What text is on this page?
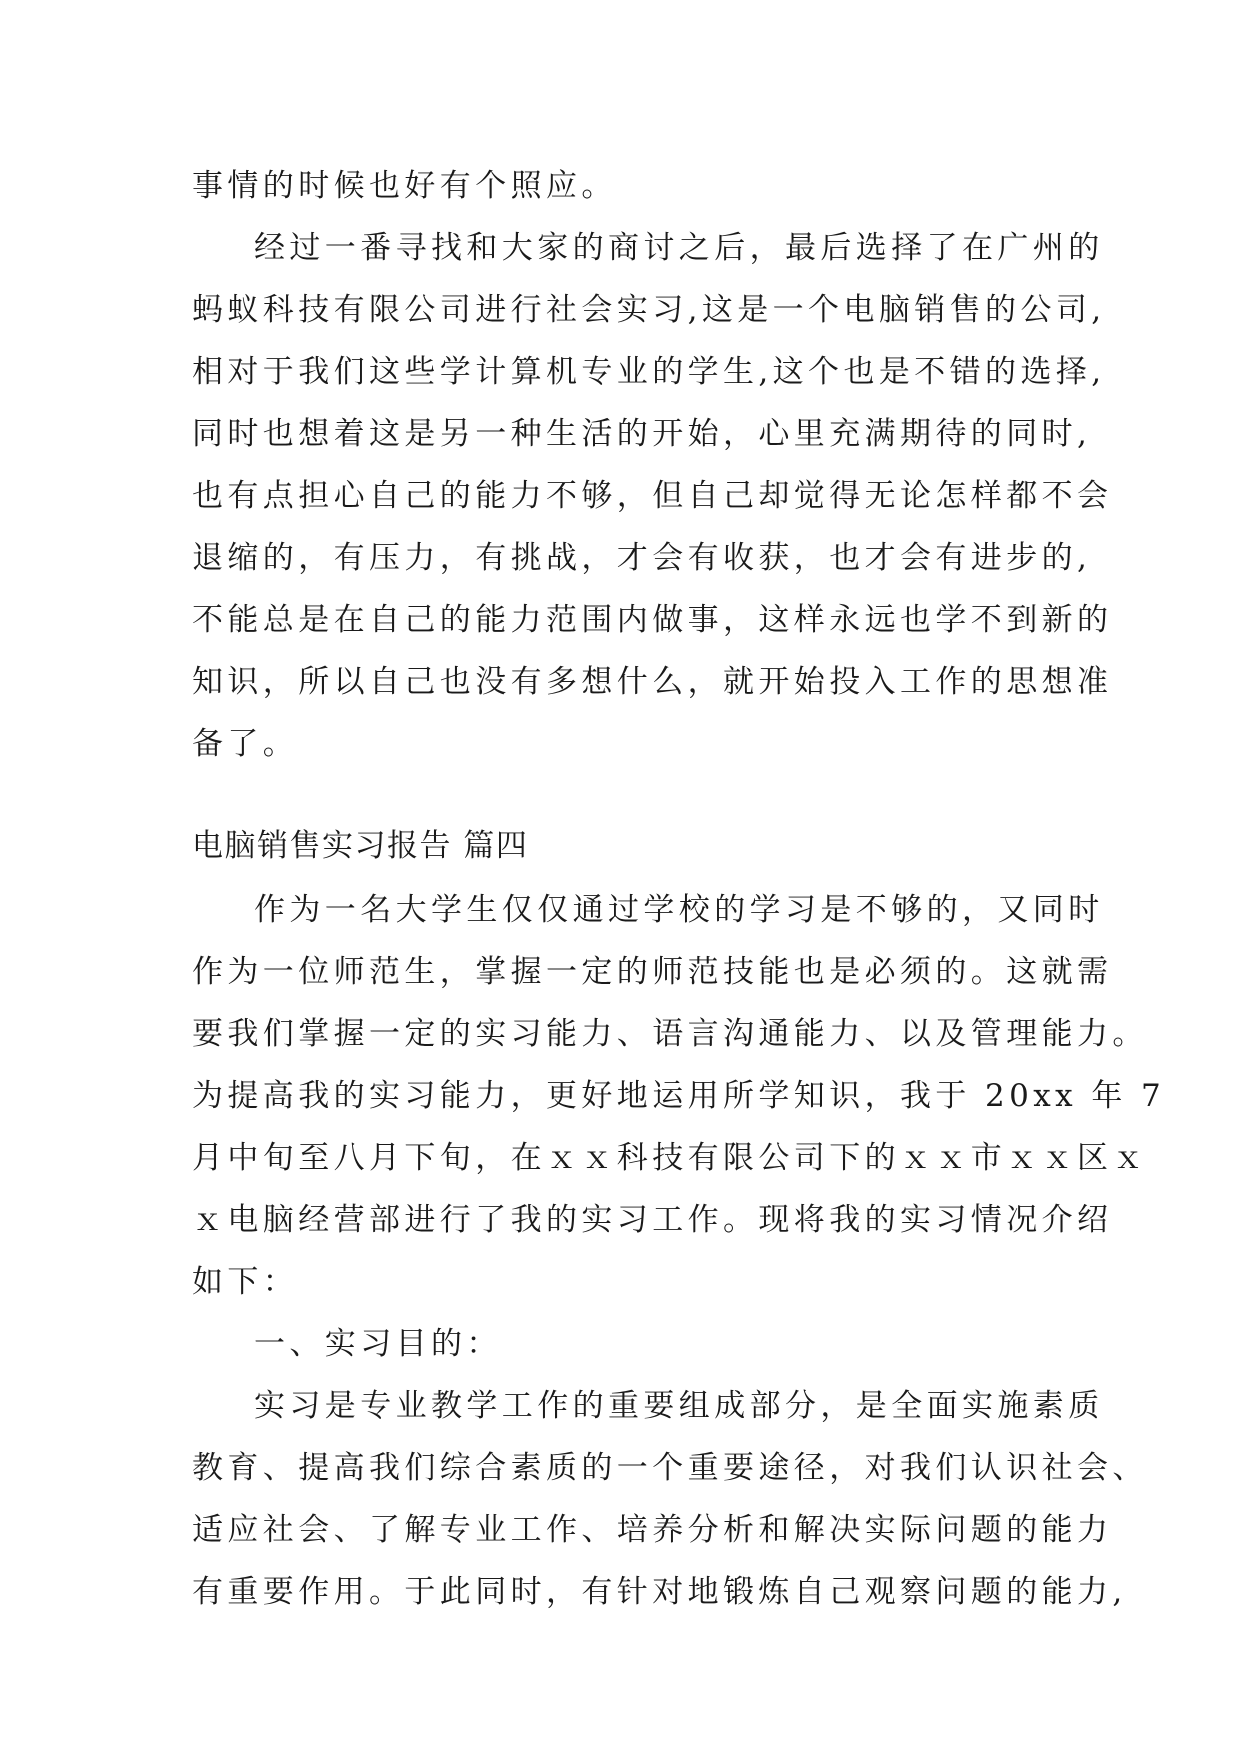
事情的时候也好有个照应。

经过一番寻找和大家的商讨之后，最后选择了在广州的

蚂蚁科技有限公司进行社会实习,这是一个电脑销售的公司,

相对于我们这些学计算机专业的学生,这个也是不错的选择,

同时也想着这是另一种生活的开始，心里充满期待的同时,

也有点担心自己的能力不够，但自己却觉得无论怎样都不会

退缩的，有压力，有挑战，才会有收获，也才会有进步的,

不能总是在自己的能力范围内做事，这样永远也学不到新的

知识，所以自己也没有多想什么，就开始投入工作的思想准

备了。

电脑销售实习报告 篇四

作为一名大学生仅仅通过学校的学习是不够的，又同时

作为一位师范生，掌握一定的师范技能也是必须的。这就需

要我们掌握一定的实习能力、语言沟通能力、以及管理能力。

为提高我的实习能力，更好地运用所学知识，我于 20xx 年 7

月中旬至八月下旬，在ｘｘ科技有限公司下的ｘｘ市ｘｘ区ｘ

ｘ电脑经营部进行了我的实习工作。现将我的实习情况介绍

如下：

一、实习目的：

实习是专业教学工作的重要组成部分，是全面实施素质

教育、提高我们综合素质的一个重要途径，对我们认识社会、

适应社会、了解专业工作、培养分析和解决实际问题的能力

有重要作用。于此同时，有针对地锻炼自己观察问题的能力,
